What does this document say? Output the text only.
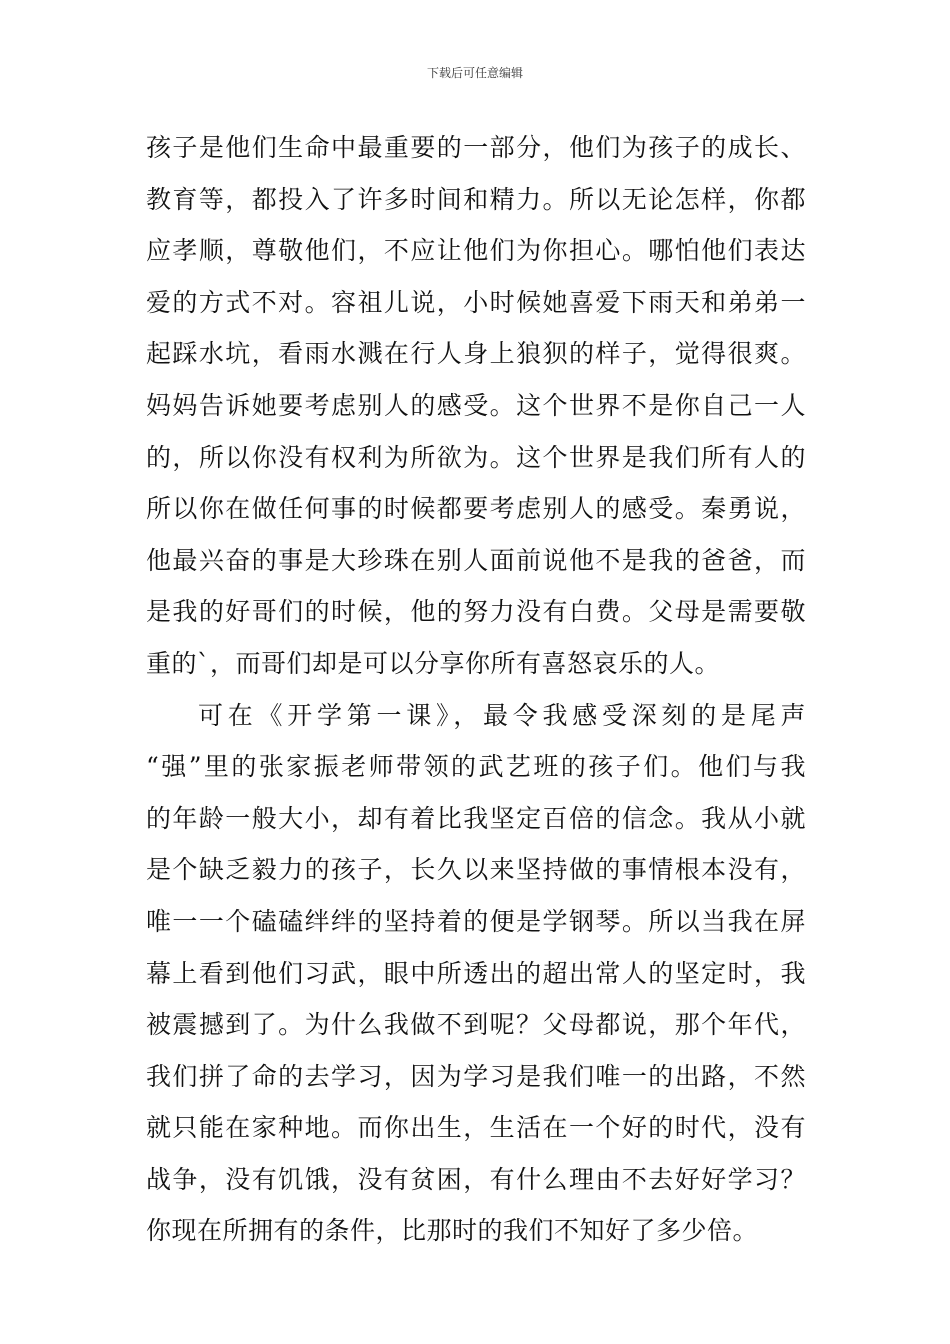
下载后可任意编辑
孩子是他们生命中最重要的一部分，他们为孩子的成长、
教育等，都投入了许多时间和精力。所以无论怎样，你都
应孝顺，尊敬他们，不应让他们为你担心。哪怕他们表达
爱的方式不对。容祖儿说，小时候她喜爱下雨天和弟弟一
起踩水坑，看雨水溅在行人身上狼狈的样子，觉得很爽。
妈妈告诉她要考虑别人的感受。这个世界不是你自己一人
的，所以你没有权利为所欲为。这个世界是我们所有人的
所以你在做任何事的时候都要考虑别人的感受。秦勇说，
他最兴奋的事是大珍珠在别人面前说他不是我的爸爸，而
是我的好哥们的时候，他的努力没有白费。父母是需要敬
重的`，而哥们却是可以分享你所有喜怒哀乐的人。
可在《开学第一课》，最令我感受深刻的是尾声
“强”里的张家振老师带领的武艺班的孩子们。他们与我
的年龄一般大小，却有着比我坚定百倍的信念。我从小就
是个缺乏毅力的孩子，长久以来坚持做的事情根本没有，
唯一一个磕磕绊绊的坚持着的便是学钢琴。所以当我在屏
幕上看到他们习武，眼中所透出的超出常人的坚定时，我
被震撼到了。为什么我做不到呢？父母都说，那个年代，
我们拼了命的去学习，因为学习是我们唯一的出路，不然
就只能在家种地。而你出生，生活在一个好的时代，没有
战争，没有饥饿，没有贫困，有什么理由不去好好学习？
你现在所拥有的条件，比那时的我们不知好了多少倍。
